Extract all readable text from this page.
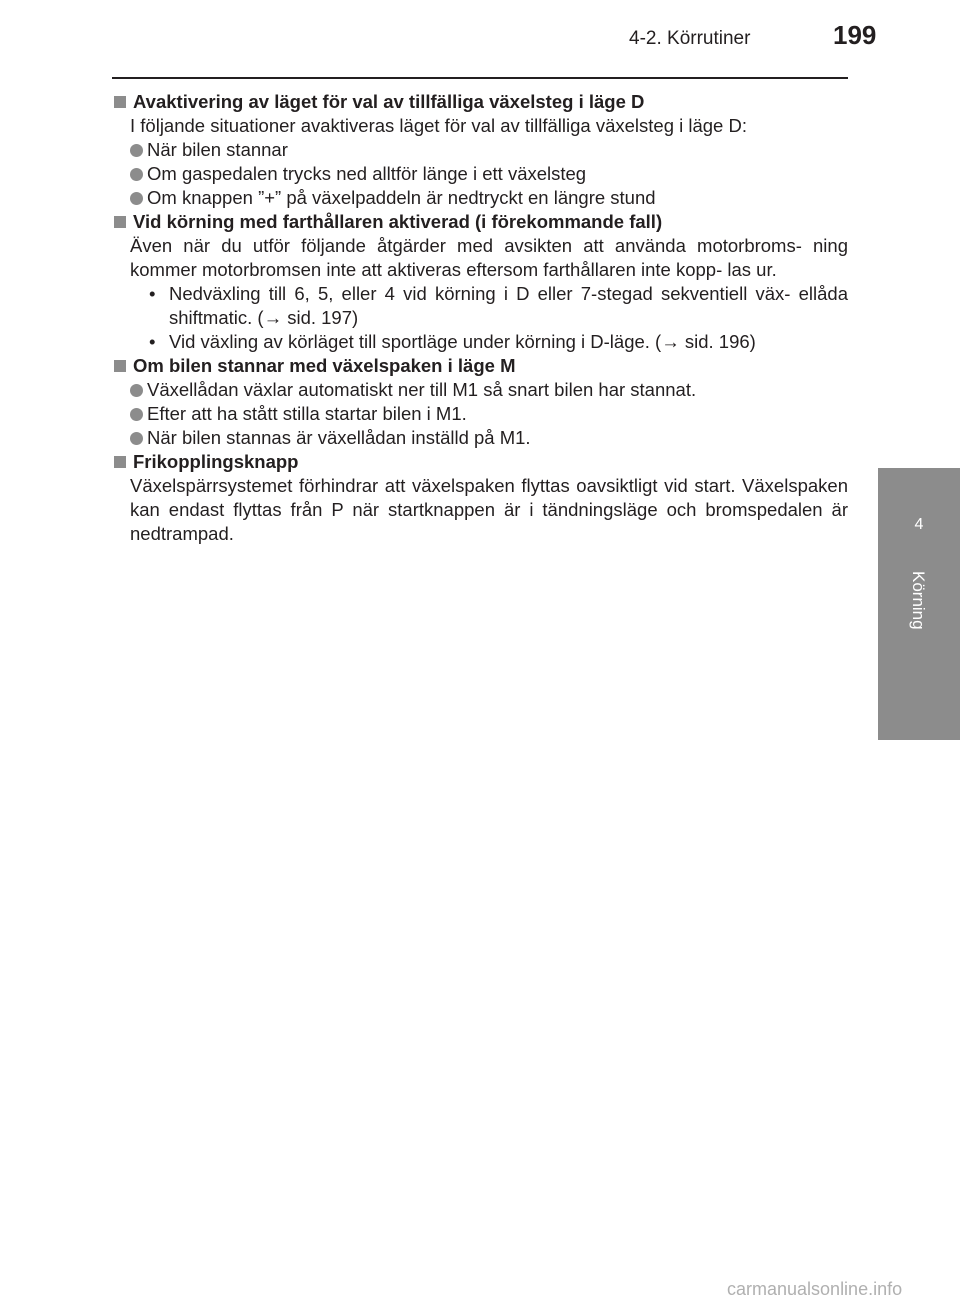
4-2. Körrutiner	199
4
Körning

Avaktivering av läget för val av tillfälliga växelsteg i läge D

I följande situationer avaktiveras läget för val av tillfälliga växelsteg i läge D:

När bilen stannar

Om gaspedalen trycks ned alltför länge i ett växelsteg

Om knappen ”+” på växelpaddeln är nedtryckt en längre stund

Vid körning med farthållaren aktiverad (i förekommande fall)

Även när du utför följande åtgärder med avsikten att använda motorbroms- ning kommer motorbromsen inte att aktiveras eftersom farthållaren inte kopp- las ur.

• Nedväxling till 6, 5, eller 4 vid körning i D eller 7-stegad sekventiell väx- ellåda shiftmatic. (→ sid. 197)

• Vid växling av körläget till sportläge under körning i D-läge. (→ sid. 196)

Om bilen stannar med växelspaken i läge M

Växellådan växlar automatiskt ner till M1 så snart bilen har stannat.

Efter att ha stått stilla startar bilen i M1.

När bilen stannas är växellådan inställd på M1.

Frikopplingsknapp

Växelspärrsystemet förhindrar att växelspaken flyttas oavsiktligt vid start. Växelspaken kan endast flyttas från P när startknappen är i tändningsläge och bromspedalen är nedtrampad.

carmanualsonline.info
